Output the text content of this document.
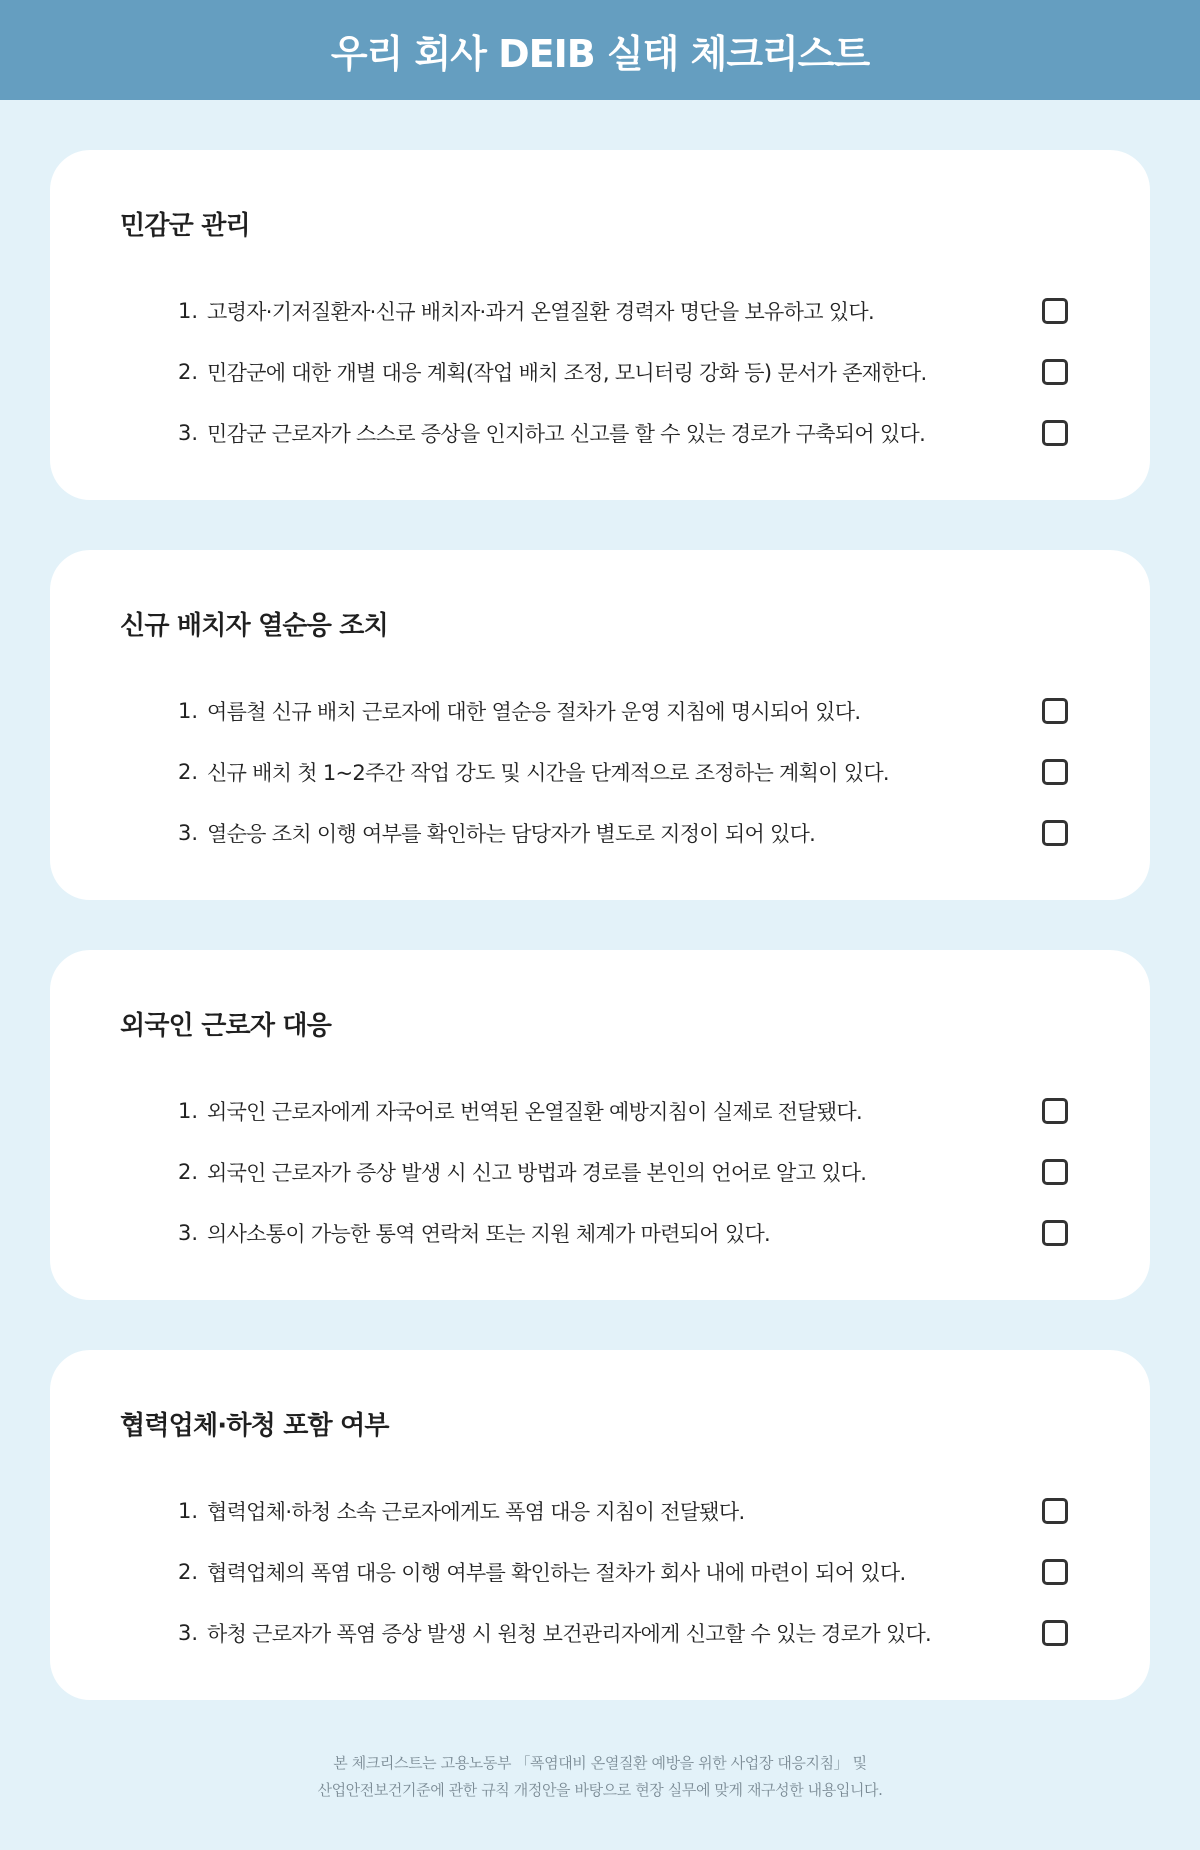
우리 회사 DEIB 실태 체크리스트
민감군 관리
1. 고령자·기저질환자·신규 배치자·과거 온열질환 경력자 명단을 보유하고 있다.
2. 민감군에 대한 개별 대응 계획(작업 배치 조정, 모니터링 강화 등) 문서가 존재한다.
3. 민감군 근로자가 스스로 증상을 인지하고 신고를 할 수 있는 경로가 구축되어 있다.
신규 배치자 열순응 조치
1. 여름철 신규 배치 근로자에 대한 열순응 절차가 운영 지침에 명시되어 있다.
2. 신규 배치 첫 1~2주간 작업 강도 및 시간을 단계적으로 조정하는 계획이 있다.
3. 열순응 조치 이행 여부를 확인하는 담당자가 별도로 지정이 되어 있다.
외국인 근로자 대응
1. 외국인 근로자에게 자국어로 번역된 온열질환 예방지침이 실제로 전달됐다.
2. 외국인 근로자가 증상 발생 시 신고 방법과 경로를 본인의 언어로 알고 있다.
3. 의사소통이 가능한 통역 연락처 또는 지원 체계가 마련되어 있다.
협력업체·하청 포함 여부
1. 협력업체·하청 소속 근로자에게도 폭염 대응 지침이 전달됐다.
2. 협력업체의 폭염 대응 이행 여부를 확인하는 절차가 회사 내에 마련이 되어 있다.
3. 하청 근로자가 폭염 증상 발생 시 원청 보건관리자에게 신고할 수 있는 경로가 있다.

본 체크리스트는 고용노동부 「폭염대비 온열질환 예방을 위한 사업장 대응지침」 및

산업안전보건기준에 관한 규칙 개정안을 바탕으로 현장 실무에 맞게 재구성한 내용입니다.
